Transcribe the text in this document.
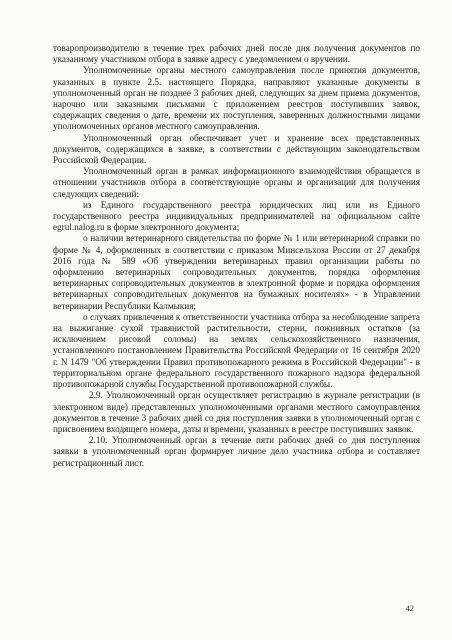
товаропроизводителю в течение трех рабочих дней после дня получения документов по указанному участником отбора в заявке адресу с уведомлением о вручении.

Уполномоченные органы местного самоуправления после принятия документов, указанных в пункте 2.5. настоящего Порядка, направляют указанные документы в уполномоченный орган не позднее 3 рабочих дней, следующих за днем приема документов, нарочно или заказными письмами с приложением реестров поступивших заявок, содержащих сведения о дате, времени их поступления, заверенных должностными лицами уполномоченных органов местного самоуправления.

Уполномоченный орган обеспечивает учет и хранение всех представленных документов, содержащихся в заявке, в соответствии с действующим законодательством Российской Федерации.

Уполномоченный орган в рамках информационного взаимодействия обращается в отношении участников отбора в соответствующие органы и организации для получения следующих сведений:

из Единого государственного реестра юридических лиц или из Единого государственного реестра индивидуальных предпринимателей на официальном сайте egrul.nalog.ru в форме электронного документа;

о наличии ветеринарного свидетельства по форме № 1 или ветеринарной справки по форме № 4, оформленных в соответствии с приказом Минсельхоза России от 27 декабря 2016 года № 589 «Об утверждении ветеринарных правил организации работы по оформлению ветеринарных сопроводительных документов, порядка оформления ветеринарных сопроводительных документов в электронной форме и порядка оформления ветеринарных сопроводительных документов на бумажных носителях» - в Управлении ветеринарии Республики Калмыкия;

о случаях привлечения к ответственности участника отбора за несоблюдение запрета на выжигание сухой травянистой растительности, стерни, пожнивных остатков (за исключением рисовой соломы) на землях сельскохозяйственного назначения, установленного постановлением Правительства Российской Федерации от 16 сентября 2020 г. N 1479 "Об утверждении Правил противопожарного режима в Российской Федерации" - в территориальном органе федерального государственного пожарного надзора федеральной противопожарной службы Государственной противопожарной службы.

2.9. Уполномоченный орган осуществляет регистрацию в журнале регистрации (в электронном виде) представленных уполномоченными органами местного самоуправления документов в течение 3 рабочих дней со дня поступления заявки в уполномоченный орган с присвоением входящего номера, даты и времени, указанных в реестре поступивших заявок.

2.10. Уполномоченный орган в течение пяти рабочих дней со дня поступления заявки в уполномоченный орган формирует личное дело участника отбора и составляет регистрационный лист.

42
